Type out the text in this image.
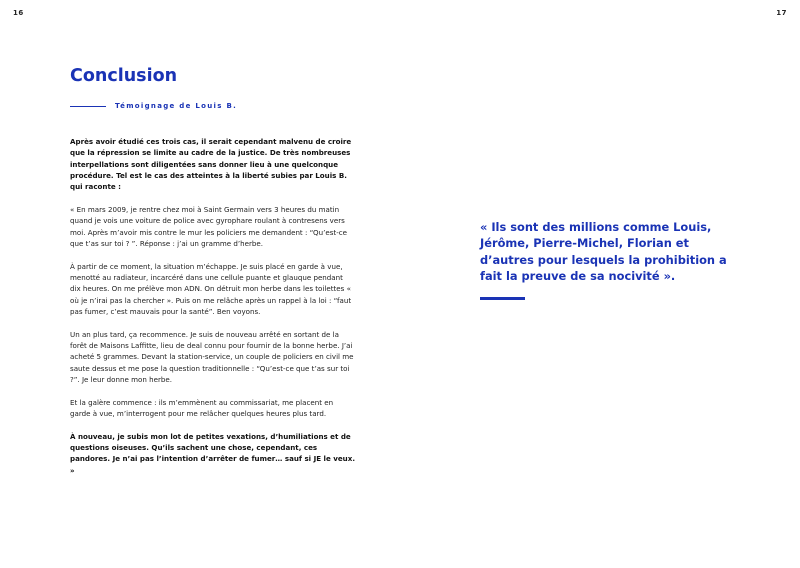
16	17
Conclusion
Témoignage de Louis B.

Après avoir étudié ces trois cas, il serait cependant malvenu de croire que la répression se limite au cadre de la justice. De très nombreuses interpellations sont diligentées sans donner lieu à une quelconque procédure. Tel est le cas des atteintes à la liberté subies par Louis B. qui raconte :

« En mars 2009, je rentre chez moi à Saint Germain vers 3 heures du matin quand je vois une voiture de police avec gyrophare roulant à contresens vers moi. Après m’avoir mis contre le mur les policiers me demandent : “Qu’est-ce que t’as sur toi ? ”. Réponse : j’ai un gramme d’herbe.

À partir de ce moment, la situation m’échappe. Je suis placé en garde à vue, menotté au radiateur, incarcéré dans une cellule puante et glauque pendant dix heures. On me prélève mon ADN. On détruit mon herbe dans les toilettes « où je n’irai pas la chercher ». Puis on me relâche après un rappel à la loi : “faut pas fumer, c’est mauvais pour la santé”. Ben voyons.

Un an plus tard, ça recommence. Je suis de nouveau arrêté en sortant de la forêt de Maisons Laffitte, lieu de deal connu pour fournir de la bonne herbe. J’ai acheté 5 grammes. Devant la station-service, un couple de policiers en civil me saute dessus et me pose la question traditionnelle : “Qu’est-ce que t’as sur toi ?”. Je leur donne mon herbe.

Et la galère commence : ils m’emmènent au commissariat, me placent en garde à vue, m’interrogent pour me relâcher quelques heures plus tard.

À nouveau, je subis mon lot de petites vexations, d’humiliations et de questions oiseuses. Qu’ils sachent une chose, cependant, ces pandores. Je n’ai pas l’intention d’arrêter de fumer… sauf si JE le veux. »

« Ils sont des millions comme Louis, Jérôme, Pierre-Michel, Florian et d’autres pour lesquels la prohibition a fait la preuve de sa nocivité ».
